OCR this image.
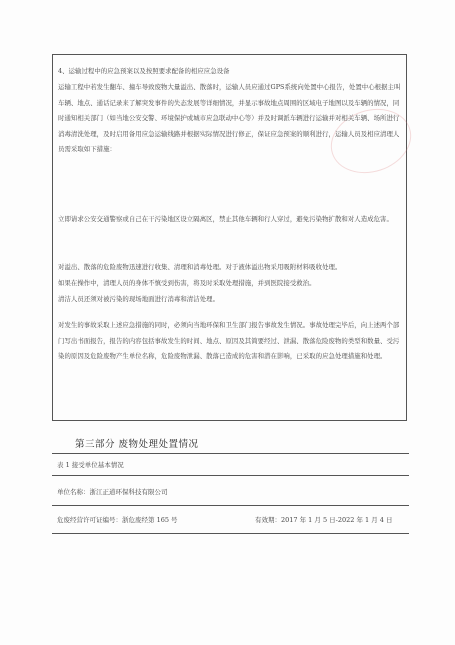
4、运输过程中的应急预案以及按照要求配备的相应应急设备
运输工程中若发生翻车、撞车导致废物大量溢出、散落时，运输人员应通过GPS系统向处置中心报告，处置中心根据主叫车辆、地点、通话记录来了解突发事件的失态发展等详细情况，并显示事故地点周围的区域电子地图以及车辆的情况，同时通知相关部门（如当地公安交警、环境保护或城市应急联动中心等）并及时调派车辆进行运输并对相关车辆、场所进行消毒清洗处理，及时启用备用应急运输线路并根据实际情况进行修正，保证应急预案的顺利进行，运输人员及相应清理人员需采取如下措施：
立即请求公安交通警察或自己在干污染地区设立隔离区，禁止其他车辆和行人穿过，避免污染物扩散和对人造成危害。
对溢出、散落的危险废物迅速进行收集、清理和消毒处理。对于液体溢出物采用吸附材料吸收处理。
如果在操作中，清理人员的身体不慎受到伤害，将及时采取处理措施，并到医院接受救治。
清洁人员还须对被污染的现场地面进行消毒和清洁处理。
对发生的事故采取上述应急措施的同时，必须向当地环保和卫生部门报告事故发生情况。事故处理完毕后，向上述两个部门写出书面报告，报告的内容包括事故发生的时间、地点、原因及其简要经过、泄漏、散落危险废物的类型和数量、受污染的原因及危险废物产生单位名称，危险废物泄漏、散落已造成的危害和潜在影响，已采取的应急处理措施和处理。
第三部分 废物处理处置情况
表 1 接受单位基本情况
单位名称：浙江正道环保科技有限公司
危废经营许可证编号：浙危废经第 165 号	有效期：2017 年 1 月 5 日-2022 年 1 月 4 日
